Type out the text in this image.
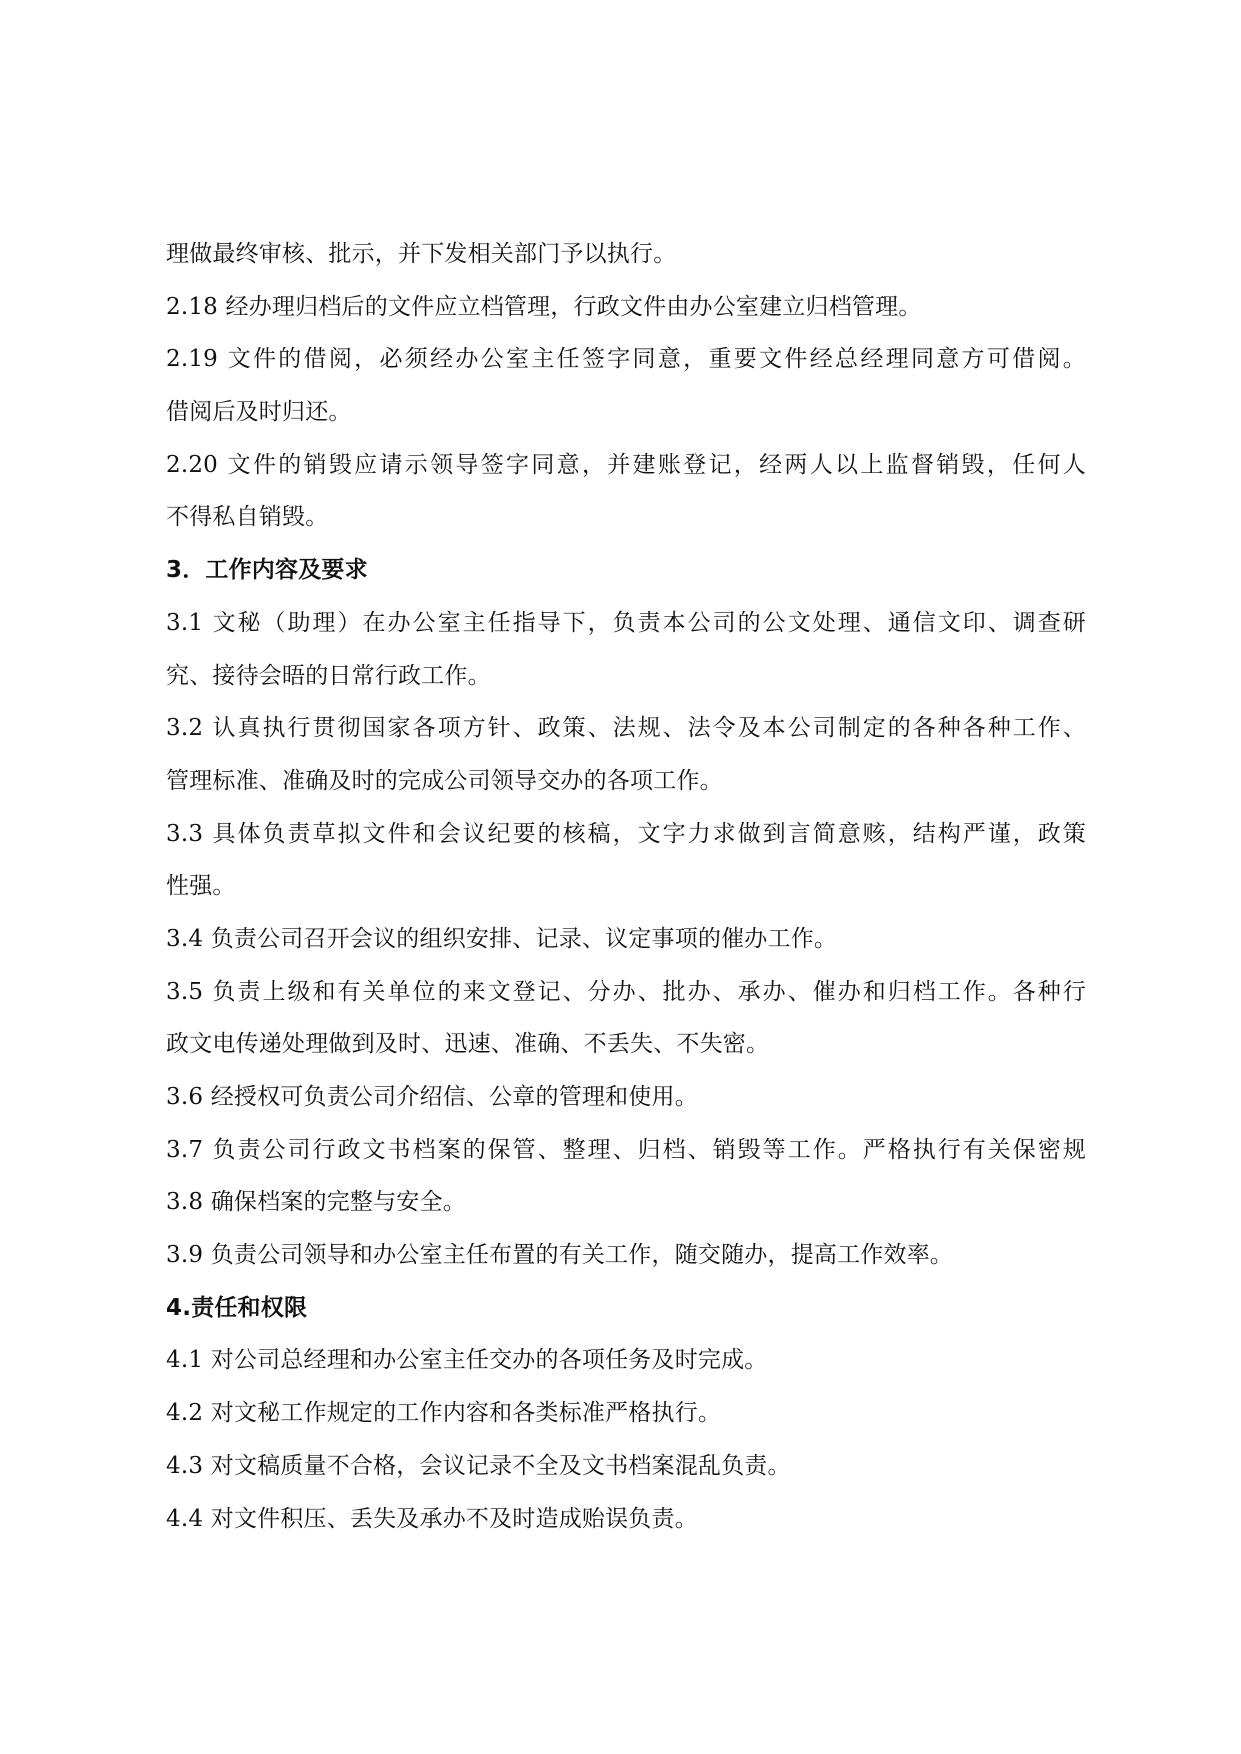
理做最终审核、批示，并下发相关部门予以执行。
2.18 经办理归档后的文件应立档管理，行政文件由办公室建立归档管理。
2.19 文件的借阅，必须经办公室主任签字同意，重要文件经总经理同意方可借阅。
借阅后及时归还。
2.20 文件的销毁应请示领导签字同意，并建账登记，经两人以上监督销毁，任何人
不得私自销毁。
3．工作内容及要求
3.1 文秘（助理）在办公室主任指导下，负责本公司的公文处理、通信文印、调查研
究、接待会晤的日常行政工作。
3.2 认真执行贯彻国家各项方针、政策、法规、法令及本公司制定的各种各种工作、
管理标准、准确及时的完成公司领导交办的各项工作。
3.3 具体负责草拟文件和会议纪要的核稿，文字力求做到言简意赅，结构严谨，政策
性强。
3.4 负责公司召开会议的组织安排、记录、议定事项的催办工作。
3.5 负责上级和有关单位的来文登记、分办、批办、承办、催办和归档工作。各种行
政文电传递处理做到及时、迅速、准确、不丢失、不失密。
3.6 经授权可负责公司介绍信、公章的管理和使用。
3.7 负责公司行政文书档案的保管、整理、归档、销毁等工作。严格执行有关保密规
3.8 确保档案的完整与安全。
3.9 负责公司领导和办公室主任布置的有关工作，随交随办，提高工作效率。
4.责任和权限
4.1 对公司总经理和办公室主任交办的各项任务及时完成。
4.2 对文秘工作规定的工作内容和各类标准严格执行。
4.3 对文稿质量不合格，会议记录不全及文书档案混乱负责。
4.4 对文件积压、丢失及承办不及时造成贻误负责。
